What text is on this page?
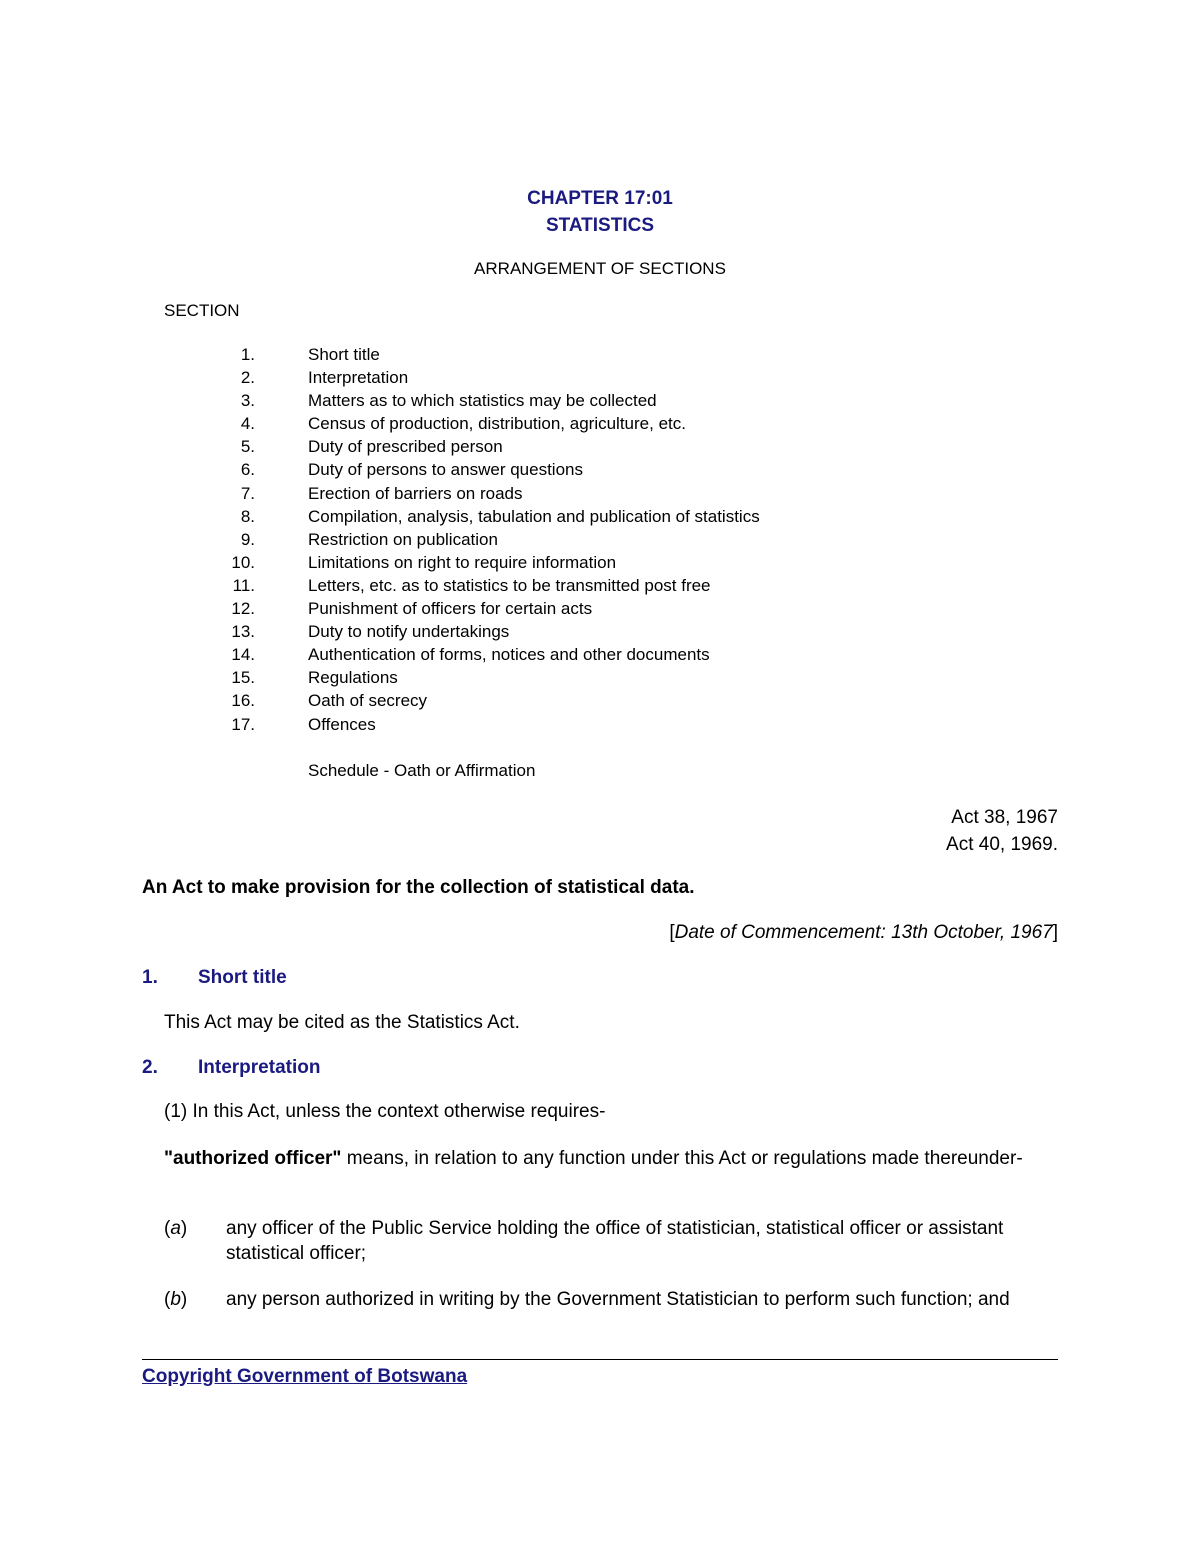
CHAPTER 17:01
STATISTICS
ARRANGEMENT OF SECTIONS
SECTION
1.	Short title
2.	Interpretation
3.	Matters as to which statistics may be collected
4.	Census of production, distribution, agriculture, etc.
5.	Duty of prescribed person
6.	Duty of persons to answer questions
7.	Erection of barriers on roads
8.	Compilation, analysis, tabulation and publication of statistics
9.	Restriction on publication
10.	Limitations on right to require information
11.	Letters, etc. as to statistics to be transmitted post free
12.	Punishment of officers for certain acts
13.	Duty to notify undertakings
14.	Authentication of forms, notices and other documents
15.	Regulations
16.	Oath of secrecy
17.	Offences
Schedule - Oath or Affirmation
Act 38, 1967
Act 40, 1969.
An Act to make provision for the collection of statistical data.
[Date of Commencement: 13th October, 1967]
1. Short title
This Act may be cited as the Statistics Act.
2. Interpretation
(1) In this Act, unless the context otherwise requires-
"authorized officer" means, in relation to any function under this Act or regulations made thereunder-
(a) any officer of the Public Service holding the office of statistician, statistical officer or assistant statistical officer;
(b) any person authorized in writing by the Government Statistician to perform such function; and
Copyright Government of Botswana
